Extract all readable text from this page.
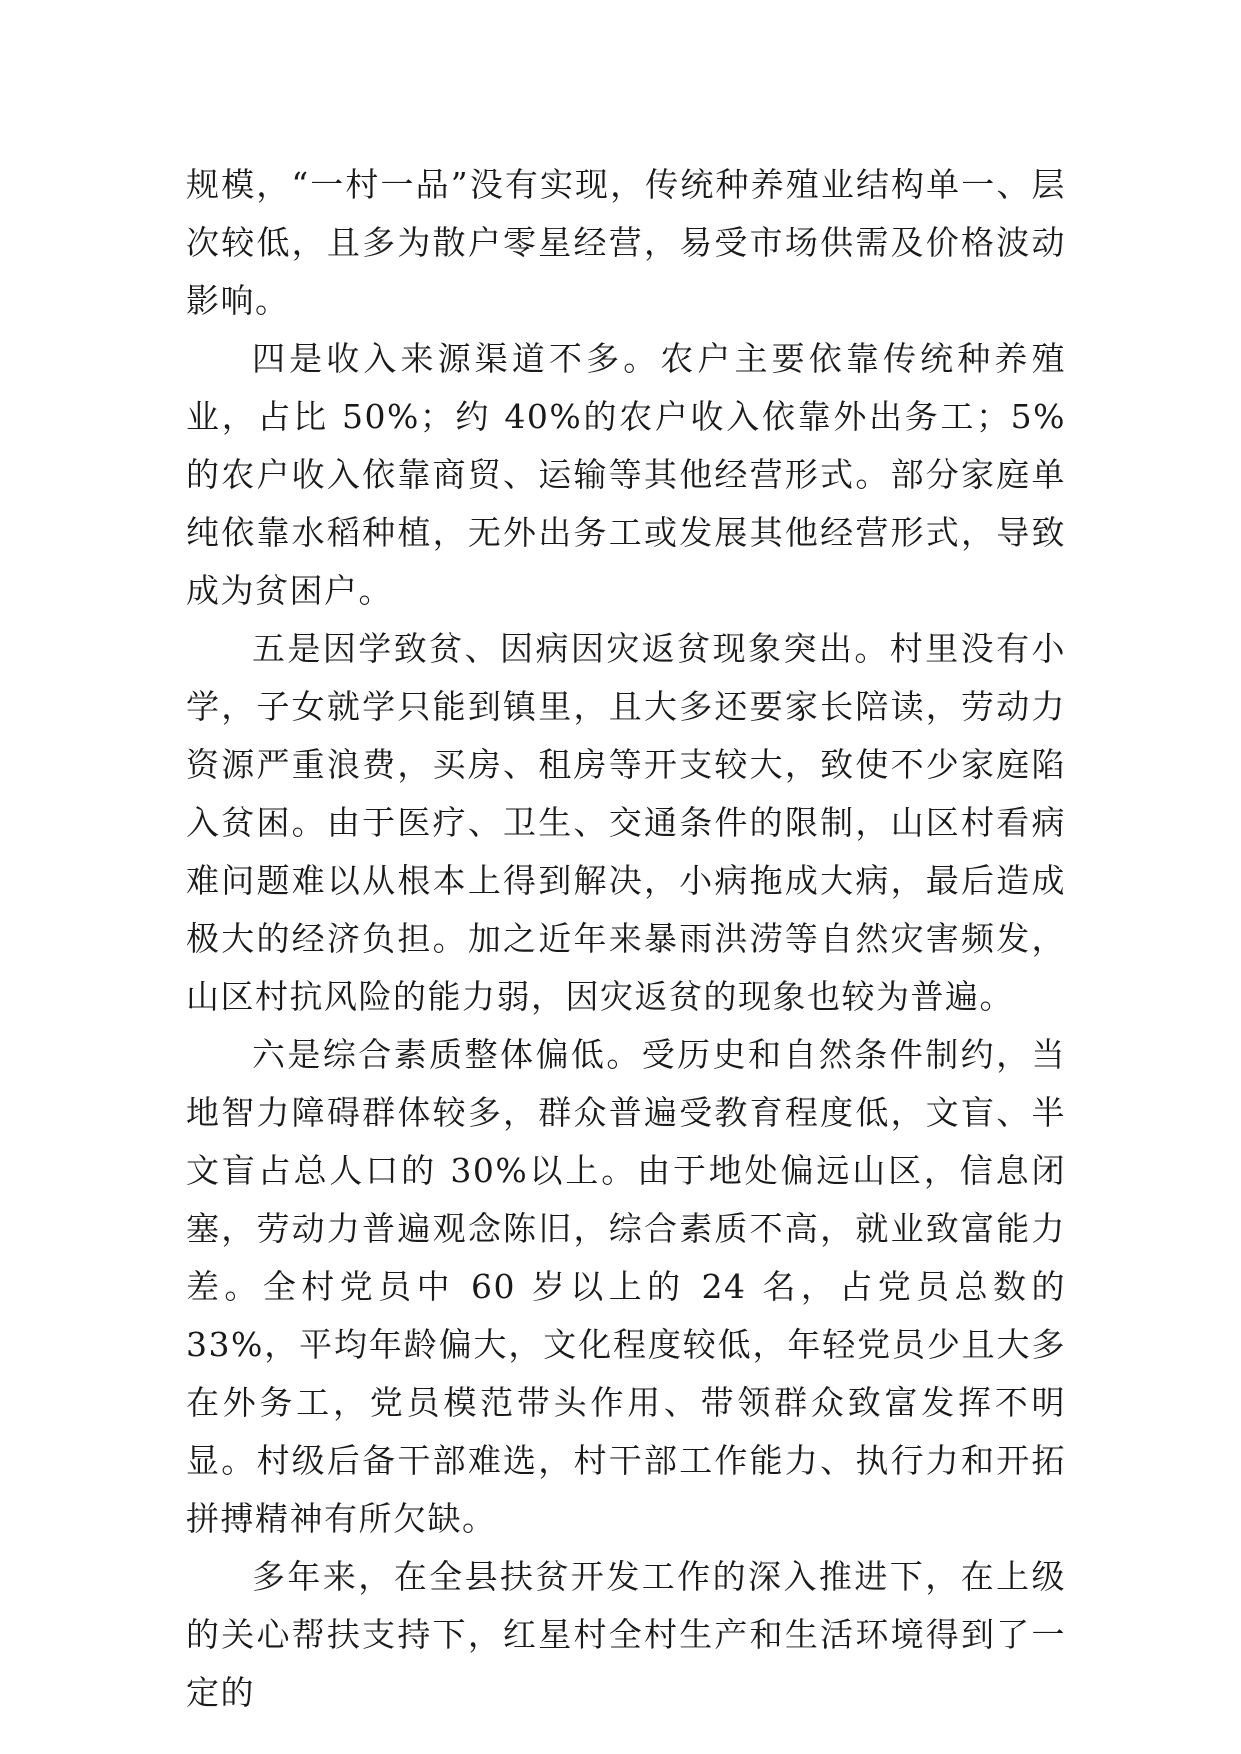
规模，“一村一品”没有实现，传统种养殖业结构单一、层次较低，且多为散户零星经营，易受市场供需及价格波动影响。

四是收入来源渠道不多。农户主要依靠传统种养殖业，占比 50%；约 40%的农户收入依靠外出务工；5%的农户收入依靠商贸、运输等其他经营形式。部分家庭单纯依靠水稻种植，无外出务工或发展其他经营形式，导致成为贫困户。

五是因学致贫、因病因灾返贫现象突出。村里没有小学，子女就学只能到镇里，且大多还要家长陪读，劳动力资源严重浪费，买房、租房等开支较大，致使不少家庭陷入贫困。由于医疗、卫生、交通条件的限制，山区村看病难问题难以从根本上得到解决，小病拖成大病，最后造成极大的经济负担。加之近年来暴雨洪涝等自然灾害频发，山区村抗风险的能力弱，因灾返贫的现象也较为普遍。

六是综合素质整体偏低。受历史和自然条件制约，当地智力障碍群体较多，群众普遍受教育程度低，文盲、半文盲占总人口的 30%以上。由于地处偏远山区，信息闭塞，劳动力普遍观念陈旧，综合素质不高，就业致富能力差。全村党员中 60 岁以上的 24 名，占党员总数的 33%，平均年龄偏大，文化程度较低，年轻党员少且大多在外务工，党员模范带头作用、带领群众致富发挥不明显。村级后备干部难选，村干部工作能力、执行力和开拓拼搏精神有所欠缺。

多年来，在全县扶贫开发工作的深入推进下，在上级的关心帮扶支持下，红星村全村生产和生活环境得到了一定的
